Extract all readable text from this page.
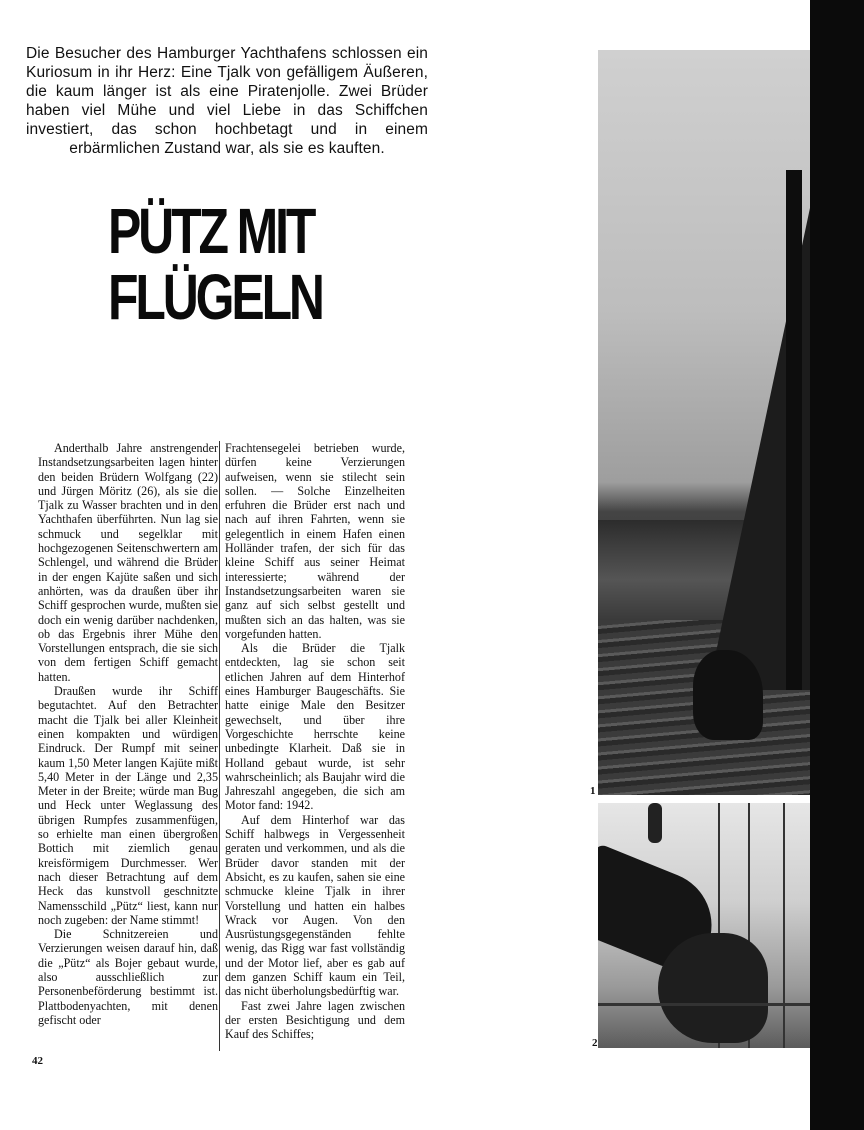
Die Besucher des Hamburger Yachthafens schlossen ein Kuriosum in ihr Herz: Eine Tjalk von gefälligem Äußeren, die kaum länger ist als eine Piratenjolle. Zwei Brüder haben viel Mühe und viel Liebe in das Schiffchen investiert, das schon hochbetagt und in einem erbärmlichen Zustand war, als sie es kauften.

PÜTZ MIT
FLÜGELN

Anderthalb Jahre anstrengender Instandsetzungsarbeiten lagen hinter den beiden Brüdern Wolfgang (22) und Jürgen Möritz (26), als sie die Tjalk zu Wasser brachten und in den Yachthafen überführten. Nun lag sie schmuck und segelklar mit hochgezogenen Seitenschwertern am Schlengel, und während die Brüder in der engen Kajüte saßen und sich anhörten, was da draußen über ihr Schiff gesprochen wurde, mußten sie doch ein wenig darüber nachdenken, ob das Ergebnis ihrer Mühe den Vorstellungen entsprach, die sie sich von dem fertigen Schiff gemacht hatten.

Draußen wurde ihr Schiff begutachtet. Auf den Betrachter macht die Tjalk bei aller Kleinheit einen kompakten und würdigen Eindruck. Der Rumpf mit seiner kaum 1,50 Meter langen Kajüte mißt 5,40 Meter in der Länge und 2,35 Meter in der Breite; würde man Bug und Heck unter Weglassung des übrigen Rumpfes zusammenfügen, so erhielte man einen übergroßen Bottich mit ziemlich genau kreisförmigem Durchmesser. Wer nach dieser Betrachtung auf dem Heck das kunstvoll geschnitzte Namensschild „Pütz“ liest, kann nur noch zugeben: der Name stimmt!

Die Schnitzereien und Verzierungen weisen darauf hin, daß die „Pütz“ als Bojer gebaut wurde, also ausschließlich zur Personenbeförderung bestimmt ist. Plattbodenyachten, mit denen gefischt oder

Frachtensegelei betrieben wurde, dürfen keine Verzierungen aufweisen, wenn sie stilecht sein sollen. — Solche Einzelheiten erfuhren die Brüder erst nach und nach auf ihren Fahrten, wenn sie gelegentlich in einem Hafen einen Holländer trafen, der sich für das kleine Schiff aus seiner Heimat interessierte; während der Instandsetzungsarbeiten waren sie ganz auf sich selbst gestellt und mußten sich an das halten, was sie vorgefunden hatten.

Als die Brüder die Tjalk entdeckten, lag sie schon seit etlichen Jahren auf dem Hinterhof eines Hamburger Baugeschäfts. Sie hatte einige Male den Besitzer gewechselt, und über ihre Vorgeschichte herrschte keine unbedingte Klarheit. Daß sie in Holland gebaut wurde, ist sehr wahrscheinlich; als Baujahr wird die Jahreszahl angegeben, die sich am Motor fand: 1942.

Auf dem Hinterhof war das Schiff halbwegs in Vergessenheit geraten und verkommen, und als die Brüder davor standen mit der Absicht, es zu kaufen, sahen sie eine schmucke kleine Tjalk in ihrer Vorstellung und hatten ein halbes Wrack vor Augen. Von den Ausrüstungsgegenständen fehlte wenig, das Rigg war fast vollständig und der Motor lief, aber es gab auf dem ganzen Schiff kaum ein Teil, das nicht überholungsbedürftig war.

Fast zwei Jahre lagen zwischen der ersten Besichtigung und dem Kauf des Schiffes;

42
1
2
